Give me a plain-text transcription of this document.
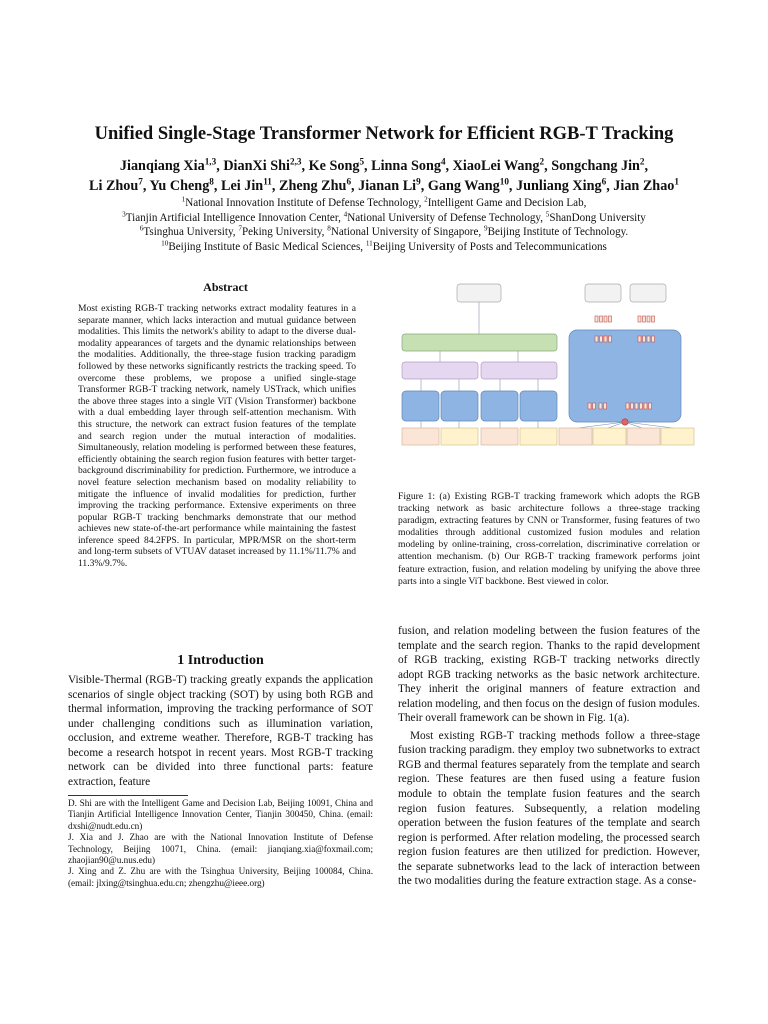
Unified Single-Stage Transformer Network for Efficient RGB-T Tracking
Jianqiang Xia$^{1,3}$, DianXi Shi$^{2,3}$, Ke Song$^5$, Linna Song$^4$, XiaoLei Wang$^2$, Songchang Jin$^2$,
Li Zhou$^7$, Yu Cheng$^8$, Lei Jin$^{11}$, Zheng Zhu$^6$, Jianan Li$^9$, Gang Wang$^{10}$, Junliang Xing$^6$, Jian Zhao$^1$
$^1$National Innovation Institute of Defense Technology, $^2$Intelligent Game and Decision Lab,
$^3$Tianjin Artificial Intelligence Innovation Center, $^4$National University of Defense Technology, $^5$ShanDong University
$^6$Tsinghua University, $^7$Peking University, $^8$National University of Singapore, $^9$Beijing Institute of Technology.
$^{10}$Beijing Institute of Basic Medical Sciences, $^{11}$Beijing University of Posts and Telecommunications
Abstract
Most existing RGB-T tracking networks extract modality features in a separate manner, which lacks interaction and mutual guidance between modalities. This limits the network's ability to adapt to the diverse dual-modality appearances of targets and the dynamic relationships between the modalities. Additionally, the three-stage fusion tracking paradigm followed by these networks significantly restricts the tracking speed. To overcome these problems, we propose a unified single-stage Transformer RGB-T tracking network, namely USTrack, which unifies the above three stages into a single ViT (Vision Transformer) backbone with a dual embedding layer through self-attention mechanism. With this structure, the network can extract fusion features of the template and search region under the mutual interaction of modalities. Simultaneously, relation modeling is performed between these features, efficiently obtaining the search region fusion features with better target-background discriminability for prediction. Furthermore, we introduce a novel feature selection mechanism based on modality reliability to mitigate the influence of invalid modalities for prediction, further improving the tracking performance. Extensive experiments on three popular RGB-T tracking benchmarks demonstrate that our method achieves new state-of-the-art performance while maintaining the fastest inference speed 84.2FPS. In particular, MPR/MSR on the short-term and long-term subsets of VTUAV dataset increased by 11.1%/11.7% and 11.3%/9.7%.
1 Introduction
Visible-Thermal (RGB-T) tracking greatly expands the application scenarios of single object tracking (SOT) by using both RGB and thermal information, improving the tracking performance of SOT under challenging conditions such as illumination variation, occlusion, and extreme weather. Therefore, RGB-T tracking has become a research hotspot in recent years. Most RGB-T tracking network can be divided into three functional parts: feature extraction, feature

D. Shi are with the Intelligent Game and Decision Lab, Beijing 10091, China and Tianjin Artificial Intelligence Innovation Center, Tianjin 300450, China. (email: dxshi@nudt.edu.cn)

J. Xia and J. Zhao are with the National Innovation Institute of Defense Technology, Beijing 10071, China. (email: jianqiang.xia@foxmail.com; zhaojian90@u.nus.edu)

J. Xing and Z. Zhu are with the Tsinghua University, Beijing 100084, China. (email: jlxing@tsinghua.edu.cn; zhengzhu@ieee.org)

Figure 1: (a) Existing RGB-T tracking framework which adopts the RGB tracking network as basic architecture follows a three-stage tracking paradigm, extracting features by CNN or Transformer, fusing features of two modalities through additional customized fusion modules and relation modeling by online-training, cross-correlation, discriminative correlation or attention mechanism. (b) Our RGB-T tracking framework performs joint feature extraction, fusion, and relation modeling by unifying the above three parts into a single ViT backbone. Best viewed in color.

fusion, and relation modeling between the fusion features of the template and the search region. Thanks to the rapid development of RGB tracking, existing RGB-T tracking networks directly adopt RGB tracking networks as the basic network architecture. They inherit the original manners of feature extraction and relation modeling, and then focus on the design of fusion modules. Their overall framework can be shown in Fig. 1(a).

Most existing RGB-T tracking methods follow a three-stage fusion tracking paradigm. they employ two subnetworks to extract RGB and thermal features separately from the template and search region. These features are then fused using a feature fusion module to obtain the template fusion features and the search region fusion features. Subsequently, a relation modeling operation between the fusion features of the template and search region is performed. After relation modeling, the processed search region fusion features are then utilized for prediction. However, the separate subnetworks lead to the lack of interaction between the two modalities during the feature extraction stage. As a conse-
